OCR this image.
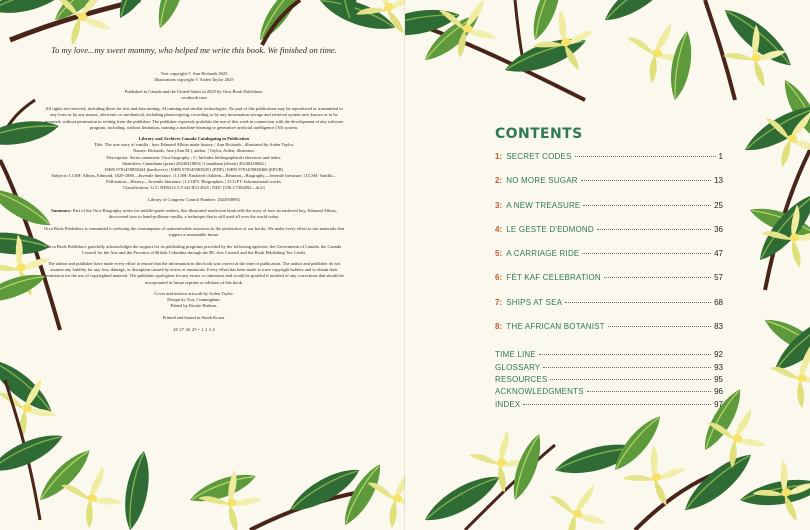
To my love...my sweet mommy, who helped me write this book. We finished on time.

Text copyright © Ann Richards 2025
Illustrations copyright © Arden Taylor 2025

Published in Canada and the United States in 2025 by Orca Book Publishers.
orcabook.com

All rights are reserved, including those for text and data mining, AI training and similar technologies. No part of this publication may be reproduced or transmitted in any form or by any means, electronic or mechanical, including photocopying, recording or by any information storage and retrieval system now known or to be invented, without permission in writing from the publisher. The publisher expressly prohibits the use of this work in connection with the development of any software program, including, without limitation, training a machine-learning or generative artificial intelligence (AI) system.

Library and Archives Canada Cataloguing in Publication
Title: The true story of vanilla : how Edmond Albius made history / Ann Richards ; illustrated by Arden Taylor.
Names: Richards, Ann (Ann M.), author. | Taylor, Arden, illustrator.
Description: Series statement: Orca biography ; 5 | Includes bibliographical references and index.
Identifiers: Canadiana (print) 20240418654 | Canadiana (ebook) 20240418662 |
ISBN 9781459838444 (hardcover) | ISBN 9781459838451 (PDF) | ISBN 9781459838468 (EPUB)
Subjects: LCSH: Albius, Edmond, 1829-1880—Juvenile literature. | LCSH: Enslaved children—Réunion—Biography—Juvenile literature. | LCSH: Vanilla—Pollination—History—Juvenile literature. | LCGFT: Biographies. | LCGFT: Informational works.
Classification: LCC HD9212.5.V342 R53 2025 | DDC [338.1/7382092—dc23

Library of Congress Control Number: 2024938992

Summary: Part of the Orca Biography series for middle-grade readers, this illustrated nonfiction book tells the story of how an enslaved boy, Edmond Albius, discovered how to hand-pollinate vanilla, a technique that is still used all over the world today.

Orca Book Publishers is committed to reducing the consumption of nonrenewable resources in the production of our books. We make every effort to use materials that support a sustainable future.

Orca Book Publishers gratefully acknowledges the support for its publishing programs provided by the following agencies: the Government of Canada, the Canada Council for the Arts and the Province of British Columbia through the BC Arts Council and the Book Publishing Tax Credit.

The author and publisher have made every effort to ensure that the information in this book was correct at the time of publication. The author and publisher do not assume any liability for any loss, damage, or disruption caused by errors or omissions. Every effort has been made to trace copyright holders and to obtain their permission for the use of copyrighted material. The publisher apologizes for any errors or omissions and would be grateful if notified of any corrections that should be incorporated in future reprints or editions of this book.

Cover and interior artwork by Arden Taylor.
Design by Troy Cunningham.
Edited by Kirstie Hudson.

Printed and bound in South Korea.

28 27 26 25 • 1 2 3 4

CONTENTS
1:
SECRET CODES	1
2:
NO MORE SUGAR	13
3:
A NEW TREASURE	25
4:
LE GESTE D'EDMOND	36
5:
A CARRIAGE RIDE	47
6:
FÈT KAF CELEBRATION	57
7:
SHIPS AT SEA	68
8:
THE AFRICAN BOTANIST	83
TIME LINE	92
GLOSSARY	93
RESOURCES	95
ACKNOWLEDGMENTS	96
INDEX	97
